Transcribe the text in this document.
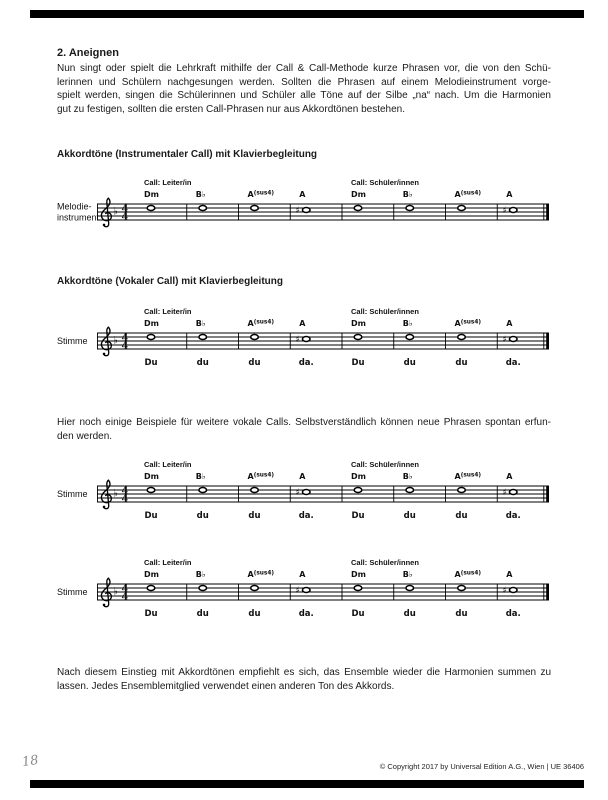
2. Aneignen
Nun singt oder spielt die Lehrkraft mithilfe der Call & Call-Methode kurze Phrasen vor, die von den Schü-
lerinnen und Schülern nachgesungen werden. Sollten die Phrasen auf einem Melodieinstrument vorge-
spielt werden, singen die Schülerinnen und Schüler alle Töne auf der Silbe „na“ nach. Um die Harmonien
gut zu festigen, sollten die ersten Call-Phrasen nur aus Akkordtönen bestehen.
Akkordtöne (Instrumentaler Call) mit Klavierbegleitung
Melodie-
instrument
Call: Leiter/in	Call: Schüler/innen
Dm	B♭	$A^{(sus4)}$	A	Dm	B♭	$A^{(sus4)}$	A
♭ 4
4
♯	♯
Akkordtöne (Vokaler Call) mit Klavierbegleitung
Stimme
Call: Leiter/in	Call: Schüler/innen
Dm	B♭	$A^{(sus4)}$	A	Dm	B♭	$A^{(sus4)}$	A
♭ 4
4
♯	♯
Du	du	du	da.	Du	du	du	da.
Hier noch einige Beispiele für weitere vokale Calls. Selbstverständlich können neue Phrasen spontan erfun-
den werden.
Stimme
Call: Leiter/in	Call: Schüler/innen
Dm	B♭	$A^{(sus4)}$	A	Dm	B♭	$A^{(sus4)}$	A
♭ 4
4
♯	♯
Du	du	du	da.	Du	du	du	da.
Stimme
Call: Leiter/in	Call: Schüler/innen
Dm	B♭	$A^{(sus4)}$	A	Dm	B♭	$A^{(sus4)}$	A
♭ 4
4
♯	♯
Du	du	du	da.	Du	du	du	da.
Nach diesem Einstieg mit Akkordtönen empfiehlt es sich, das Ensemble wieder die Harmonien summen zu
lassen. Jedes Ensemblemitglied verwendet einen anderen Ton des Akkords.
18	© Copyright 2017 by Universal Edition A.G., Wien | UE 36406
